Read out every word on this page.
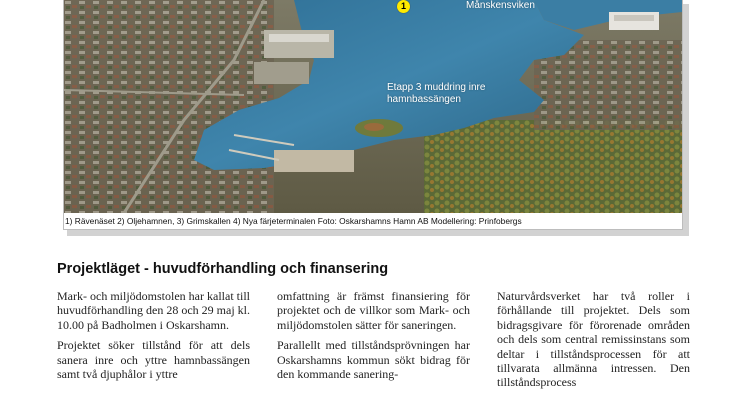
1	Månskensviken
Etapp 3 muddring inre hamnbassängen
1) Rävenäset 2) Oljehamnen, 3) Grimskallen 4) Nya färjeterminalen Foto: Oskarshamns Hamn AB Modellering: Prinfobergs
Projektläget - huvudförhandling och finansering

Mark- och miljödomstolen har kallat till huvudförhandling den 28 och 29 maj kl. 10.00 på Badholmen i Oskarshamn.

Projektet söker tillstånd för att dels sanera inre och yttre hamnbassängen samt två djuphålor i yttre

omfattning är främst finansiering för projektet och de villkor som Mark- och miljödomstolen sätter för saneringen.

Parallellt med tillståndsprövningen har Oskarshamns kommun sökt bidrag för den kommande sanering-

Naturvårdsverket har två roller i förhållande till projektet. Dels som bidragsgivare för förorenade områden och dels som central remissinstans som deltar i tillståndsprocessen för att tillvarata allmänna intressen. Den tillståndsprocess
